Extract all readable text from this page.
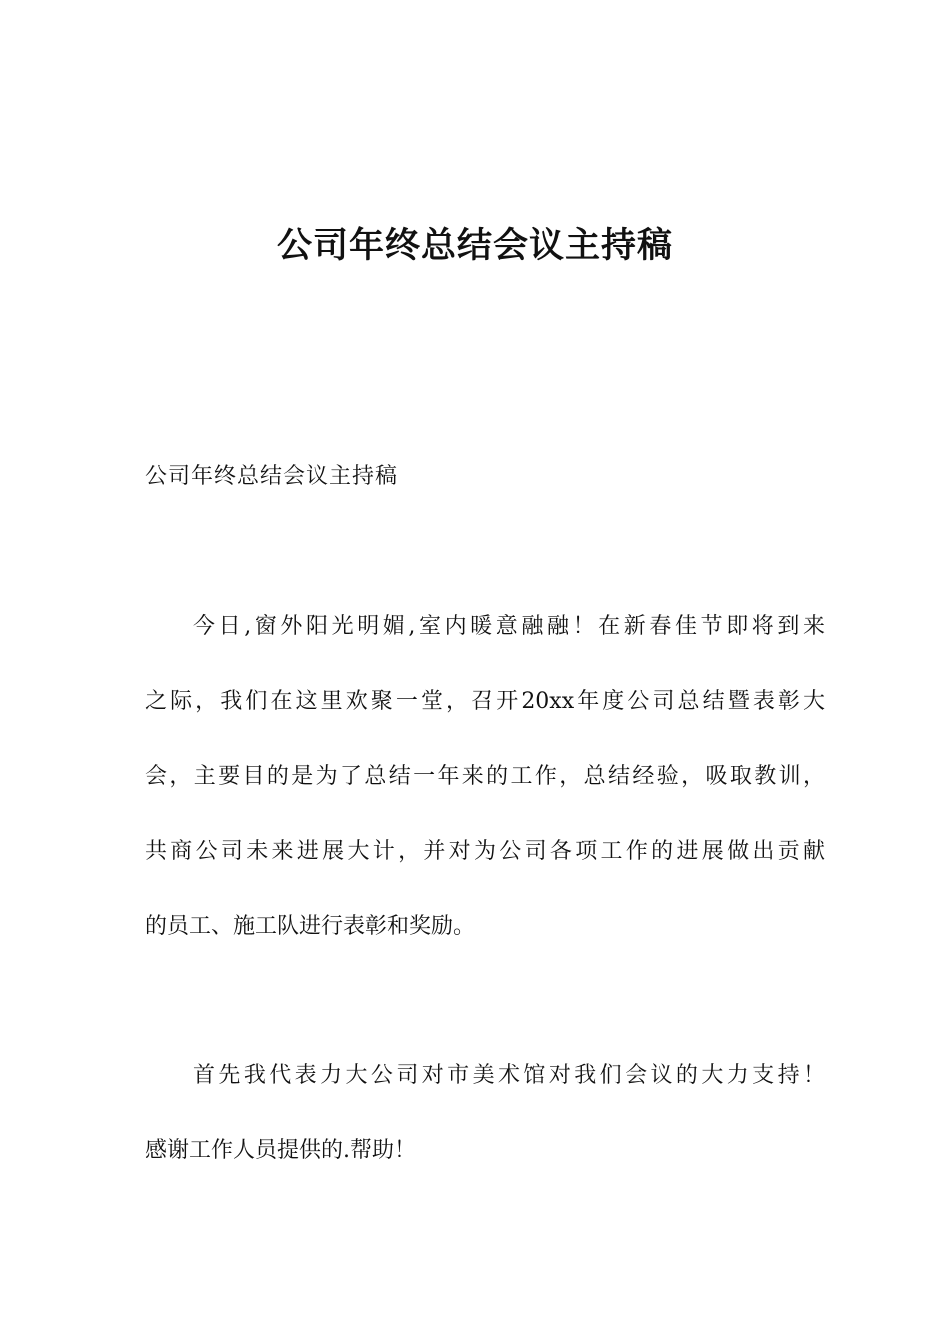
公司年终总结会议主持稿

公司年终总结会议主持稿

今日,窗外阳光明媚,室内暖意融融！在新春佳节即将到来
之际，我们在这里欢聚一堂，召开20xx年度公司总结暨表彰大
会，主要目的是为了总结一年来的工作，总结经验，吸取教训，
共商公司未来进展大计，并对为公司各项工作的进展做出贡献
的员工、施工队进行表彰和奖励。

首先我代表力大公司对市美术馆对我们会议的大力支持！
感谢工作人员提供的.帮助！
